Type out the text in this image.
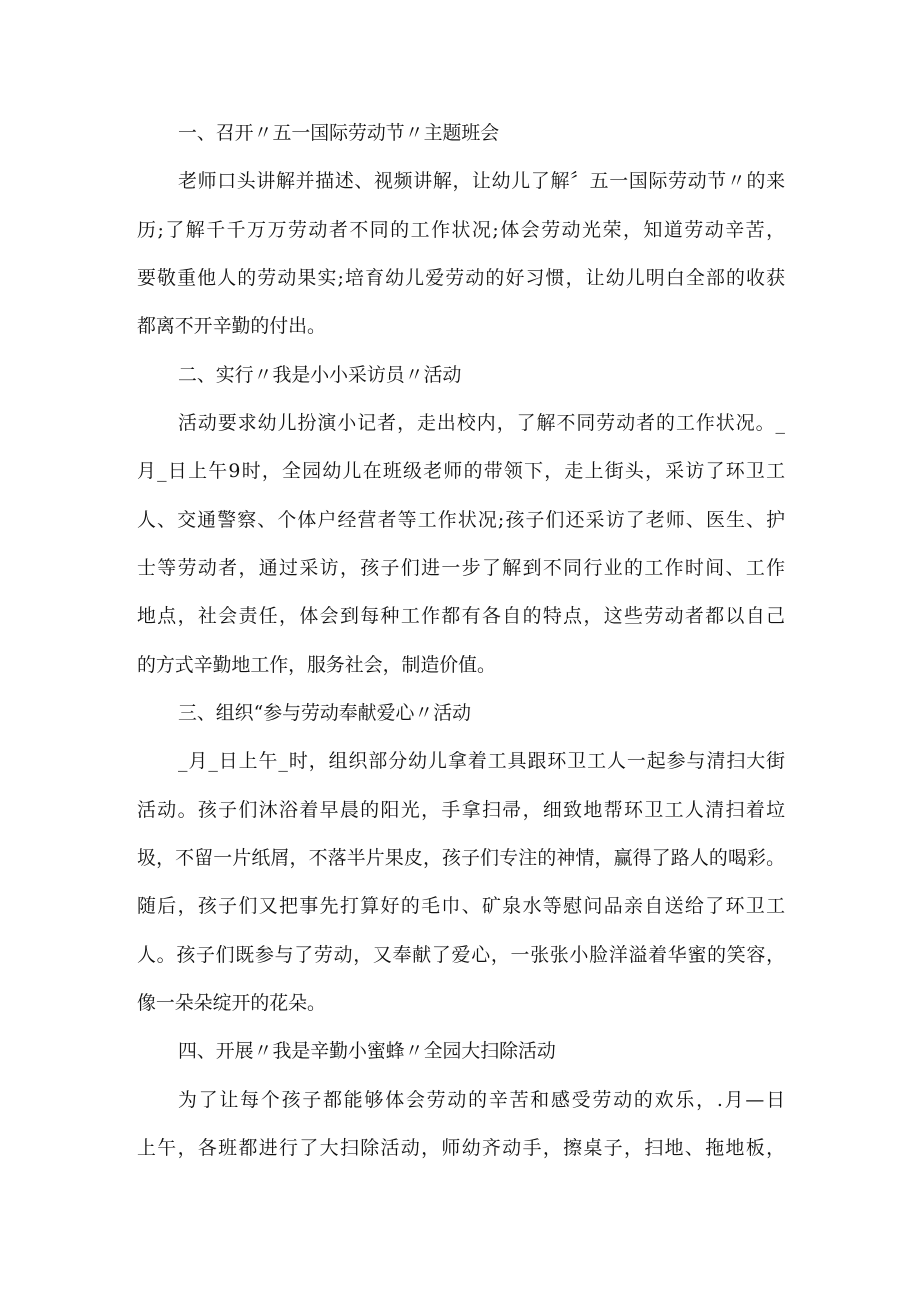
一、召开〃五一国际劳动节〃主题班会
老师口头讲解并描述、视频讲解，让幼儿了解〞五一国际劳动节〃的来
历;了解千千万万劳动者不同的工作状况;体会劳动光荣，知道劳动辛苦，
要敬重他人的劳动果实;培育幼儿爱劳动的好习惯，让幼儿明白全部的收获
都离不开辛勤的付出。
二、实行〃我是小小采访员〃活动
活动要求幼儿扮演小记者，走出校内，了解不同劳动者的工作状况。_
月_日上午9时，全园幼儿在班级老师的带领下，走上街头，采访了环卫工
人、交通警察、个体户经营者等工作状况;孩子们还采访了老师、医生、护
士等劳动者，通过采访，孩子们进一步了解到不同行业的工作时间、工作
地点，社会责任，体会到每种工作都有各自的特点，这些劳动者都以自己
的方式辛勤地工作，服务社会，制造价值。
三、组织“参与劳动奉献爱心〃活动
_月_日上午_时，组织部分幼儿拿着工具跟环卫工人一起参与清扫大街
活动。孩子们沐浴着早晨的阳光，手拿扫帚，细致地帮环卫工人清扫着垃
圾，不留一片纸屑，不落半片果皮，孩子们专注的神情，赢得了路人的喝彩。
随后，孩子们又把事先打算好的毛巾、矿泉水等慰问品亲自送给了环卫工
人。孩子们既参与了劳动，又奉献了爱心，一张张小脸洋溢着华蜜的笑容，
像一朵朵绽开的花朵。
四、开展〃我是辛勤小蜜蜂〃全园大扫除活动
为了让每个孩子都能够体会劳动的辛苦和感受劳动的欢乐，.月—日
上午，各班都进行了大扫除活动，师幼齐动手，擦桌子，扫地、拖地板，
